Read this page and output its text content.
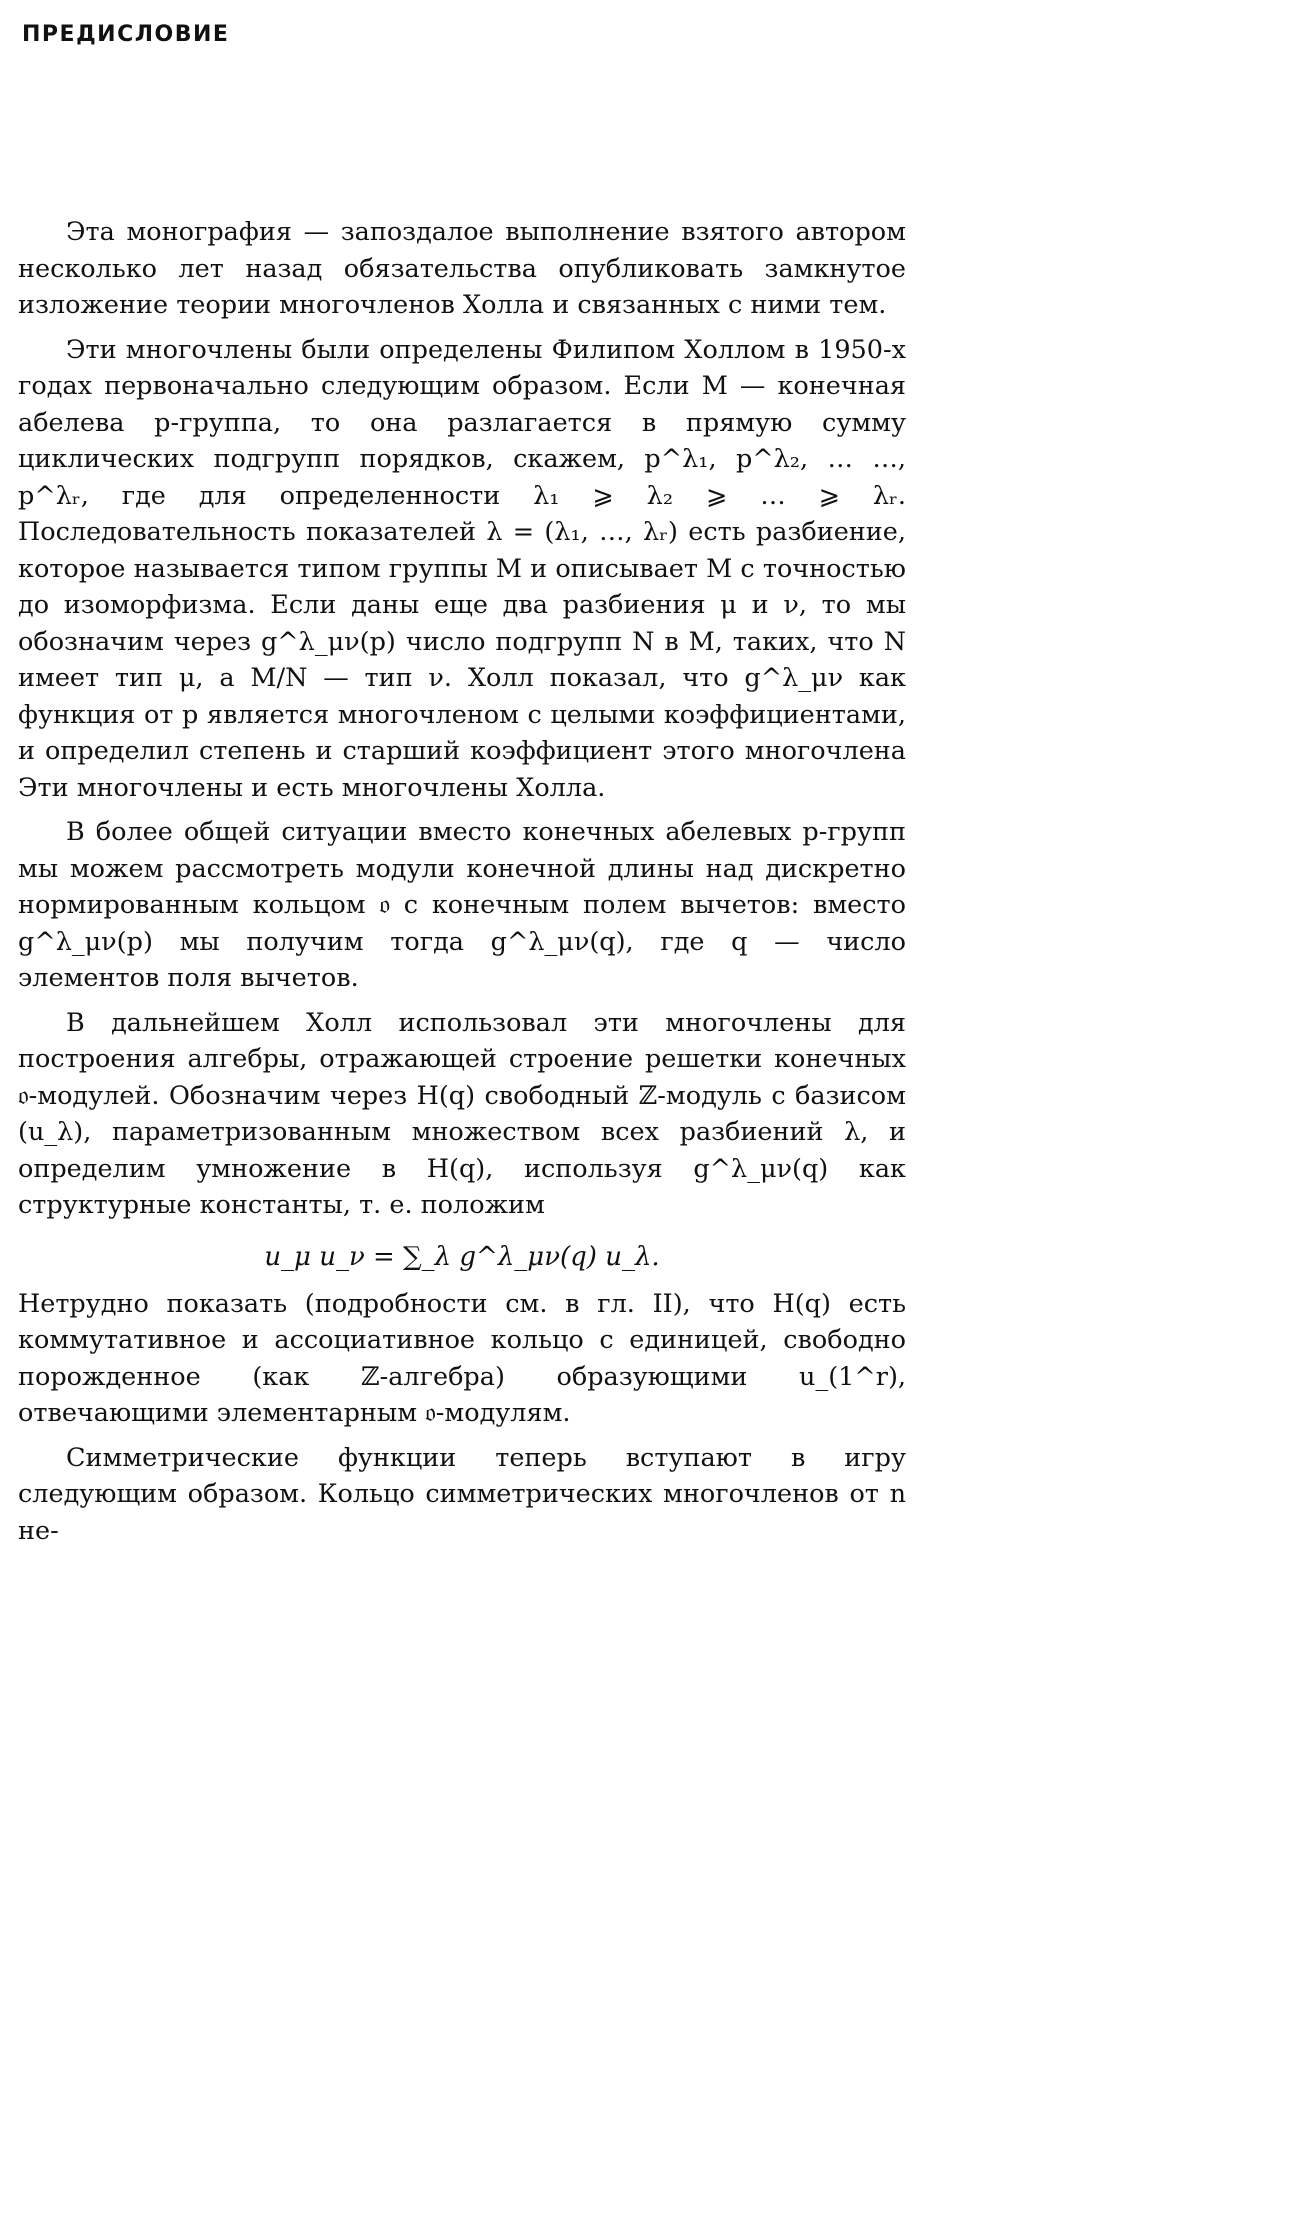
ПРЕДИСЛОВИЕ

Эта монография — запоздалое выполнение взятого автором несколько лет назад обязательства опубликовать замкнутое изложение теории многочленов Холла и связанных с ними тем.

Эти многочлены были определены Филипом Холлом в 1950-х годах первоначально следующим образом. Если M — конечная абелева p-группа, то она разлагается в прямую сумму циклических подгрупп порядков, скажем, p^λ₁, p^λ₂, … …, p^λᵣ, где для определенности λ₁ ⩾ λ₂ ⩾ … ⩾ λᵣ. Последовательность показателей λ = (λ₁, …, λᵣ) есть разбиение, которое называется типом группы M и описывает M с точностью до изоморфизма. Если даны еще два разбиения μ и ν, то мы обозначим через g^λ_μν(p) число подгрупп N в M, таких, что N имеет тип μ, а M/N — тип ν. Холл показал, что g^λ_μν как функция от p является многочленом с целыми коэффициентами, и определил степень и старший коэффициент этого многочлена Эти многочлены и есть многочлены Холла.

В более общей ситуации вместо конечных абелевых p-групп мы можем рассмотреть модули конечной длины над дискретно нормированным кольцом 𝔬 с конечным полем вычетов: вместо g^λ_μν(p) мы получим тогда g^λ_μν(q), где q — число элементов поля вычетов.

В дальнейшем Холл использовал эти многочлены для построения алгебры, отражающей строение решетки конечных 𝔬-модулей. Обозначим через H(q) свободный ℤ-модуль с базисом (u_λ), параметризованным множеством всех разбиений λ, и определим умножение в H(q), используя g^λ_μν(q) как структурные константы, т. е. положим

u_μ u_ν = ∑_λ g^λ_μν(q) u_λ.

Нетрудно показать (подробности см. в гл. II), что H(q) есть коммутативное и ассоциативное кольцо с единицей, свободно порожденное (как ℤ-алгебра) образующими u_(1^r), отвечающими элементарным 𝔬-модулям.

Симметрические функции теперь вступают в игру следующим образом. Кольцо симметрических многочленов от n не-
